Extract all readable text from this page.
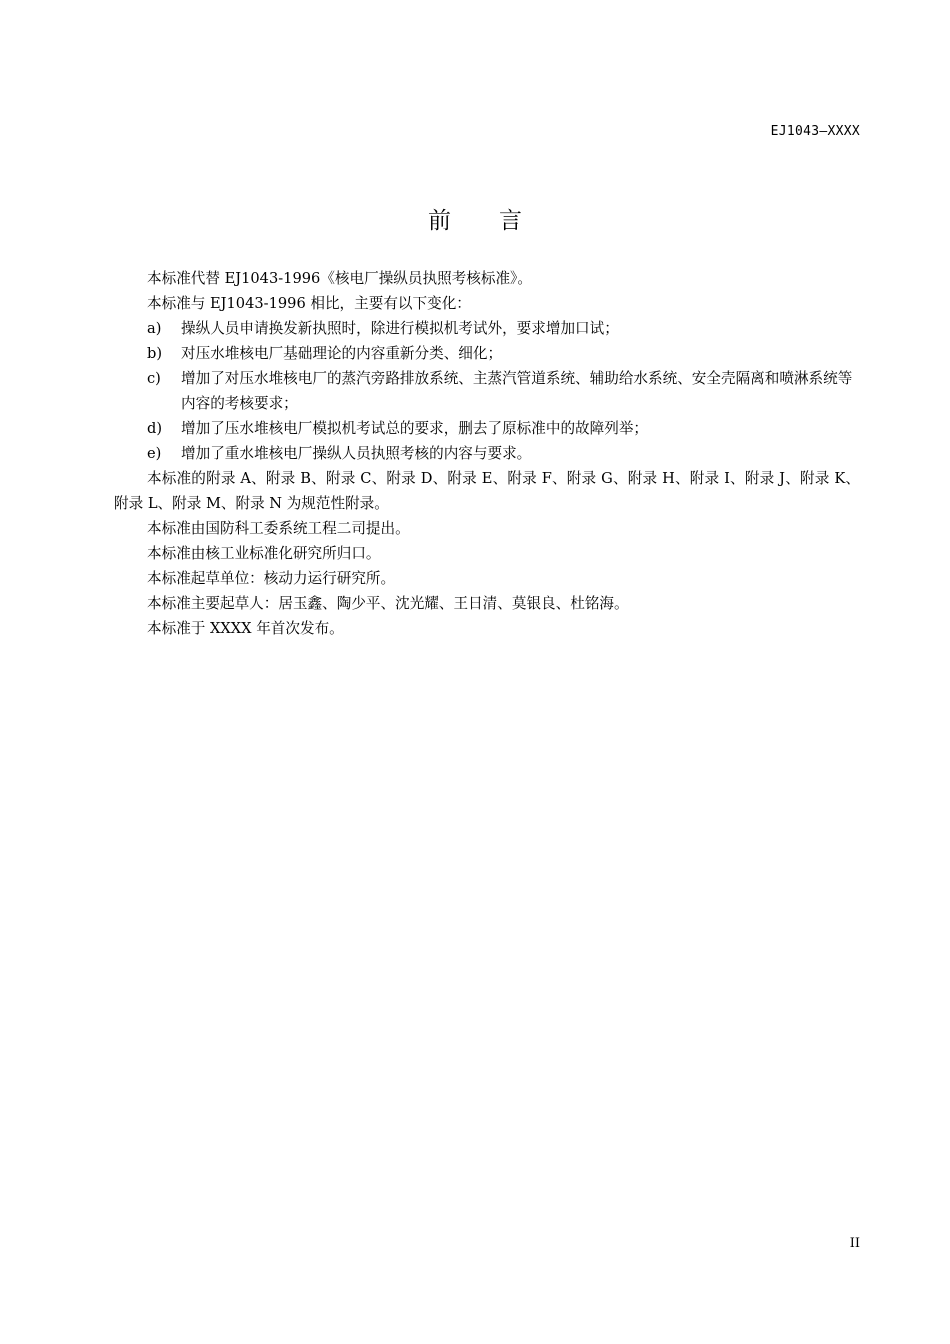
EJ1043—XXXX
前言

本标准代替 EJ1043-1996《核电厂操纵员执照考核标准》。

本标准与 EJ1043-1996 相比，主要有以下变化：

a) 操纵人员申请换发新执照时，除进行模拟机考试外，要求增加口试；

b) 对压水堆核电厂基础理论的内容重新分类、细化；

c) 增加了对压水堆核电厂的蒸汽旁路排放系统、主蒸汽管道系统、辅助给水系统、安全壳隔离和喷淋系统等内容的考核要求；

d) 增加了压水堆核电厂模拟机考试总的要求，删去了原标准中的故障列举；

e) 增加了重水堆核电厂操纵人员执照考核的内容与要求。

本标准的附录 A、附录 B、附录 C、附录 D、附录 E、附录 F、附录 G、附录 H、附录 I、附录 J、附录 K、附录 L、附录 M、附录 N 为规范性附录。

本标准由国防科工委系统工程二司提出。

本标准由核工业标准化研究所归口。

本标准起草单位：核动力运行研究所。

本标准主要起草人：居玉鑫、陶少平、沈光耀、王日清、莫银良、杜铭海。

本标准于 XXXX 年首次发布。

II
